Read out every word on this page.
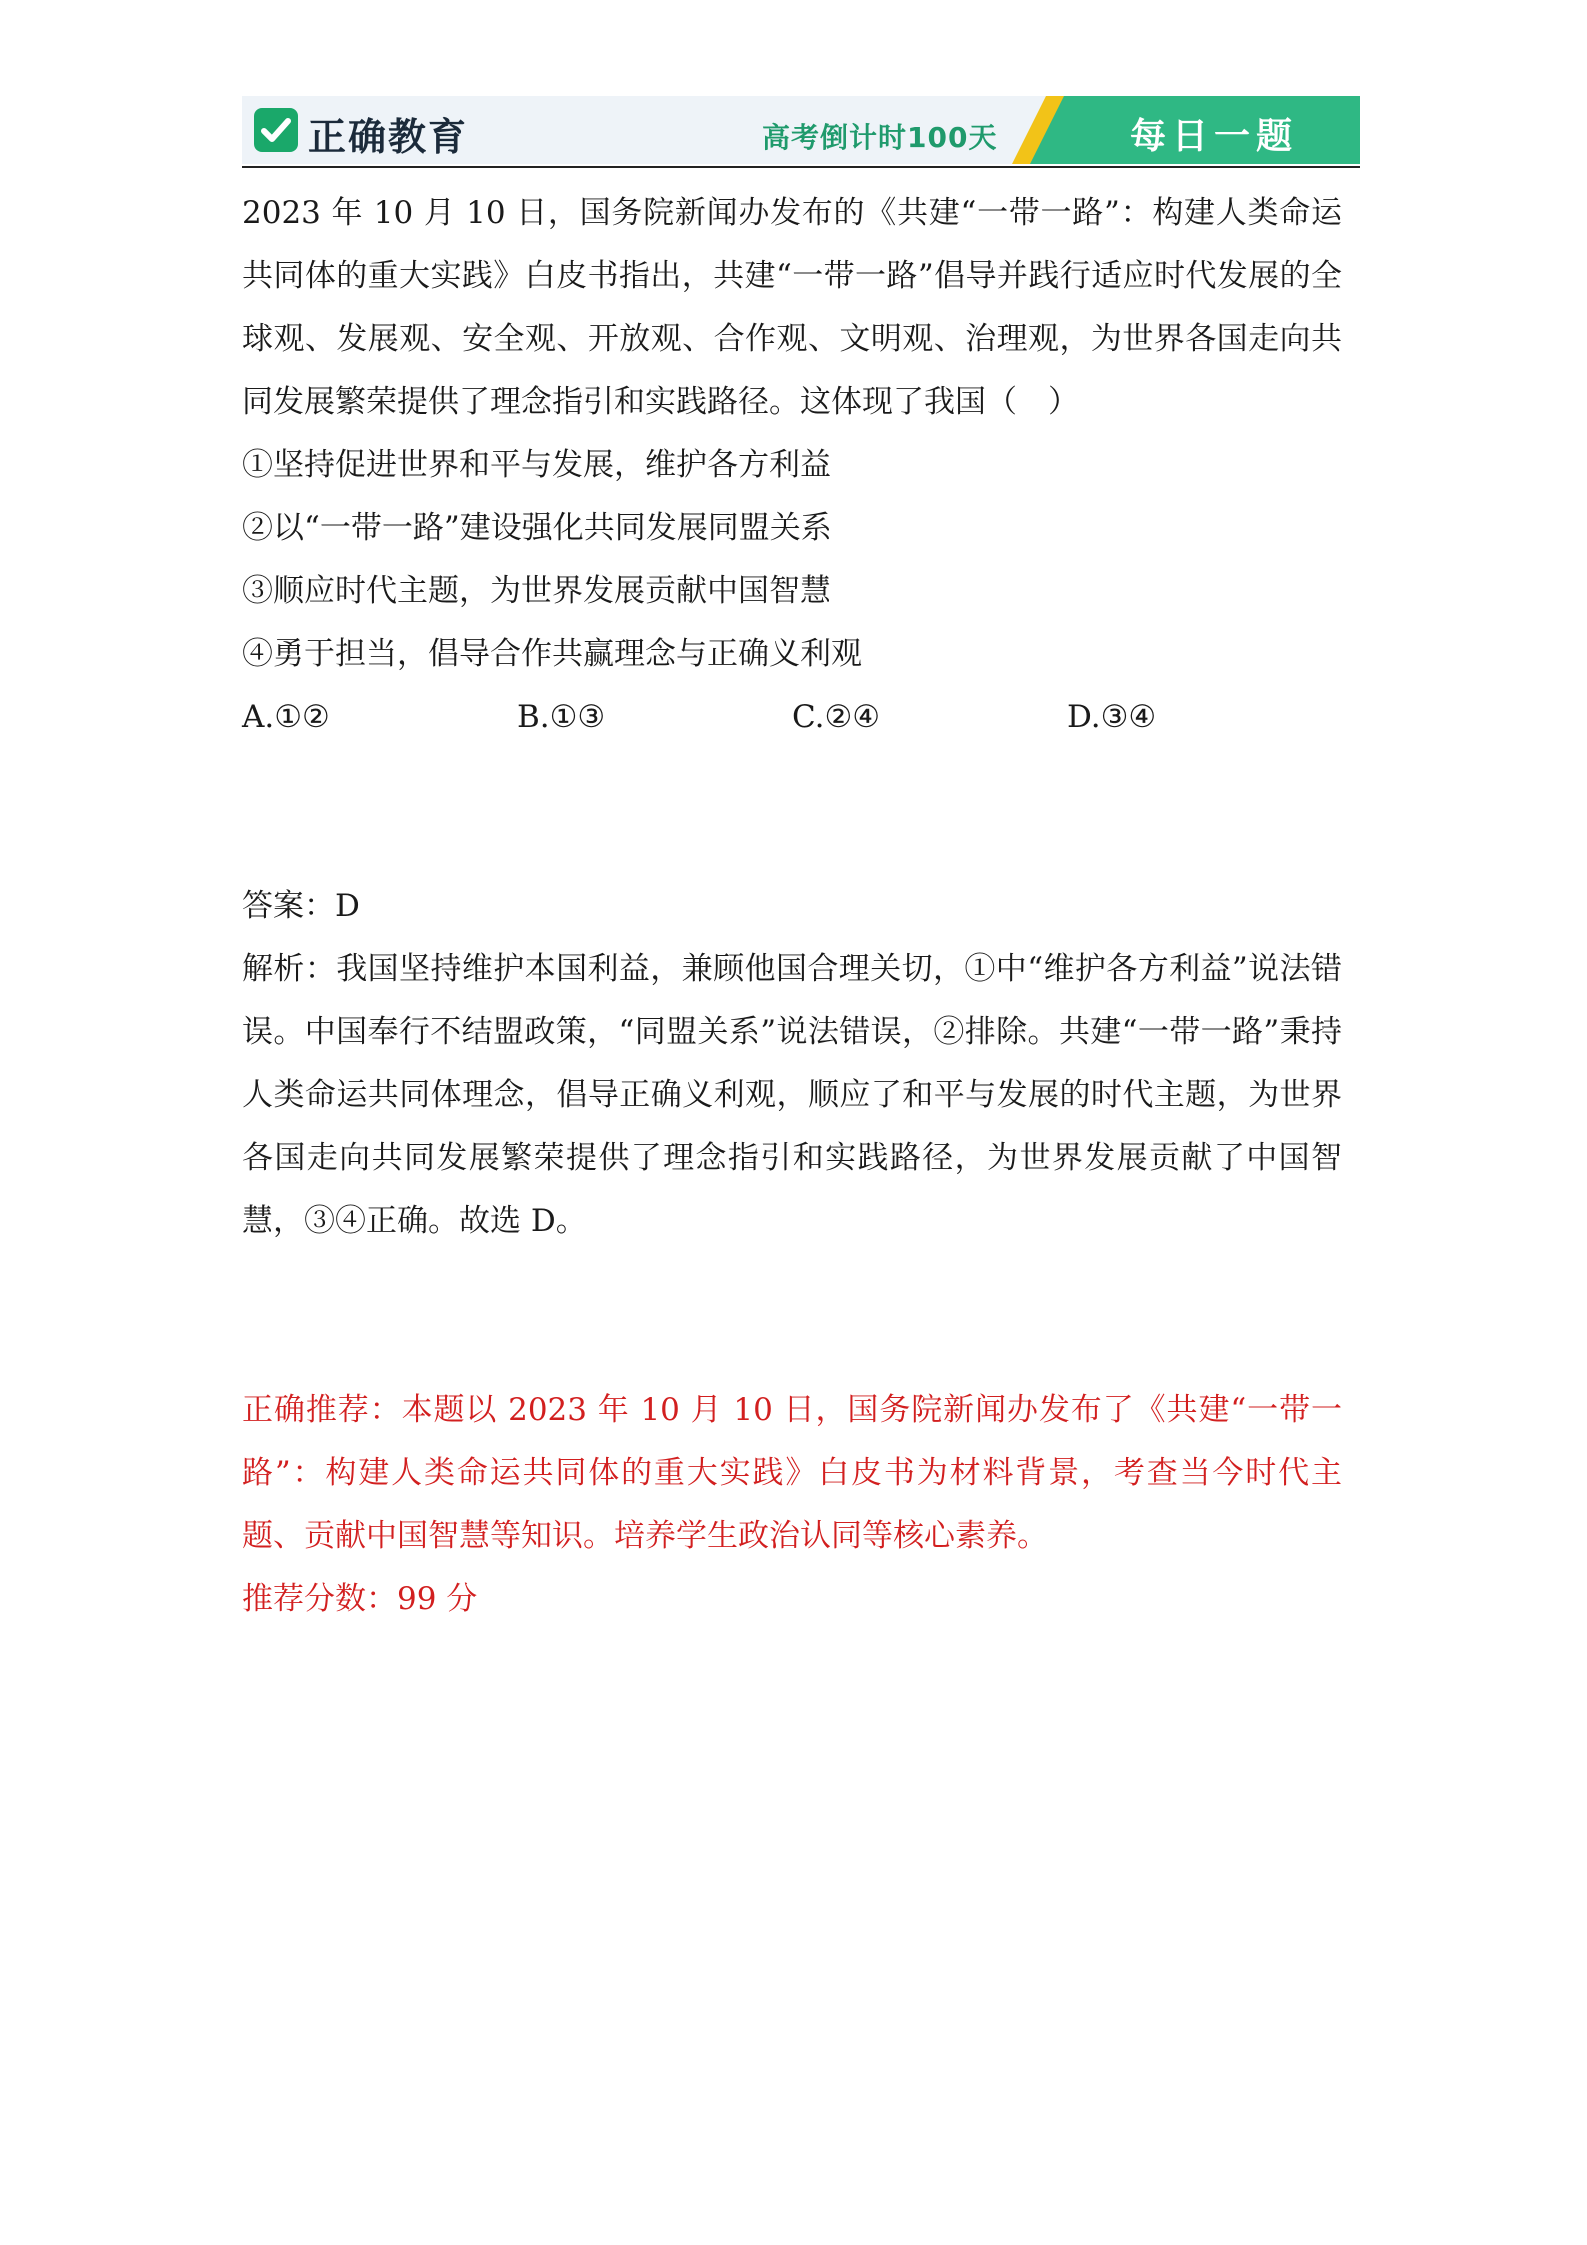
正确教育	高考倒计时100天	每日一题

2023 年 10 月 10 日，国务院新闻办发布的《共建“一带一路”：构建人类命运共同体的重大实践》白皮书指出，共建“一带一路”倡导并践行适应时代发展的全球观、发展观、安全观、开放观、合作观、文明观、治理观，为世界各国走向共同发展繁荣提供了理念指引和实践路径。这体现了我国（　）

①坚持促进世界和平与发展，维护各方利益

②以“一带一路”建设强化共同发展同盟关系

③顺应时代主题，为世界发展贡献中国智慧

④勇于担当，倡导合作共赢理念与正确义利观

A.①②	B.①③	C.②④	D.③④

答案：D

解析：我国坚持维护本国利益，兼顾他国合理关切，①中“维护各方利益”说法错误。中国奉行不结盟政策，“同盟关系”说法错误，②排除。共建“一带一路”秉持人类命运共同体理念，倡导正确义利观，顺应了和平与发展的时代主题，为世界各国走向共同发展繁荣提供了理念指引和实践路径，为世界发展贡献了中国智慧，③④正确。故选 D。

正确推荐：本题以 2023 年 10 月 10 日，国务院新闻办发布了《共建“一带一路”：构建人类命运共同体的重大实践》白皮书为材料背景，考查当今时代主题、贡献中国智慧等知识。培养学生政治认同等核心素养。

推荐分数：99 分
